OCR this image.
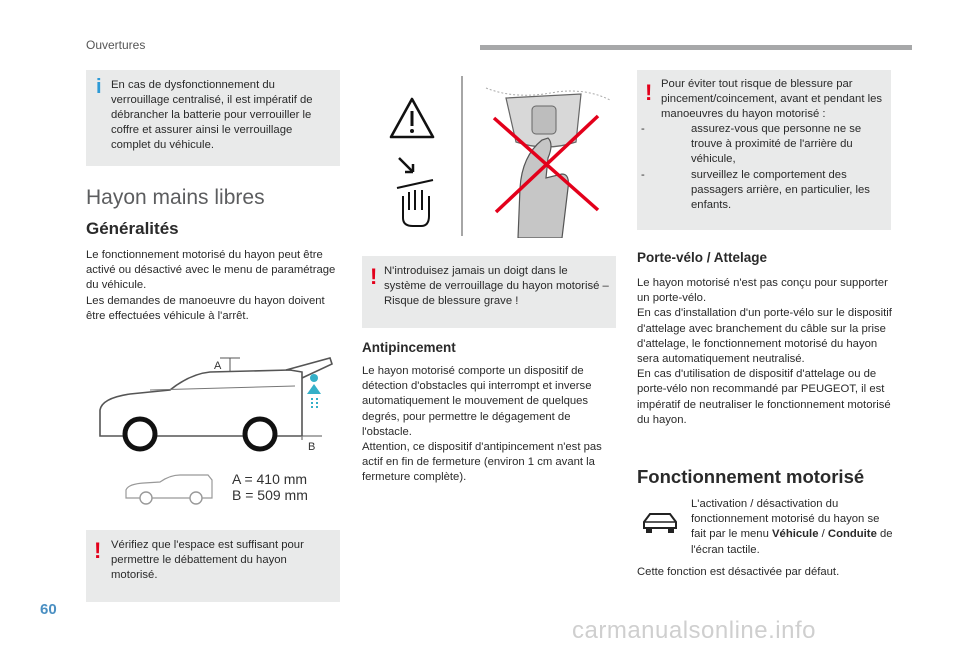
Ouvertures
i En cas de dysfonctionnement du verrouillage centralisé, il est impératif de débrancher la batterie pour verrouiller le coffre et assurer ainsi le verrouillage complet du véhicule.

Hayon mains libres
Généralités

Le fonctionnement motorisé du hayon peut être activé ou désactivé avec le menu de paramétrage du véhicule.

Les demandes de manoeuvre du hayon doivent être effectuées véhicule à l'arrêt.

A
B
A = 410 mm
B = 509 mm
! Vérifiez que l'espace est suffisant pour permettre le débattement du hayon motorisé.

! N'introduisez jamais un doigt dans le système de verrouillage du hayon motorisé – Risque de blessure grave !

Antipincement

Le hayon motorisé comporte un dispositif de détection d'obstacles qui interrompt et inverse automatiquement le mouvement de quelques degrés, pour permettre le dégagement de l'obstacle.

Attention, ce dispositif d'antipincement n'est pas actif en fin de fermeture (environ 1 cm avant la fermeture complète).

! Pour éviter tout risque de blessure par pincement/coincement, avant et pendant les manoeuvres du hayon motorisé :

- assurez-vous que personne ne se trouve à proximité de l'arrière du véhicule,
- surveillez le comportement des passagers arrière, en particulier, les enfants.
Porte-vélo / Attelage

Le hayon motorisé n'est pas conçu pour supporter un porte-vélo.

En cas d'installation d'un porte-vélo sur le dispositif d'attelage avec branchement du câble sur la prise d'attelage, le fonctionnement motorisé du hayon sera automatiquement neutralisé.

En cas d'utilisation de dispositif d'attelage ou de porte-vélo non recommandé par PEUGEOT, il est impératif de neutraliser le fonctionnement motorisé du hayon.

Fonctionnement motorisé
L'activation / désactivation du fonctionnement motorisé du hayon se fait par le menu Véhicule / Conduite de l'écran tactile.
Cette fonction est désactivée par défaut.
60
carmanualsonline.info
